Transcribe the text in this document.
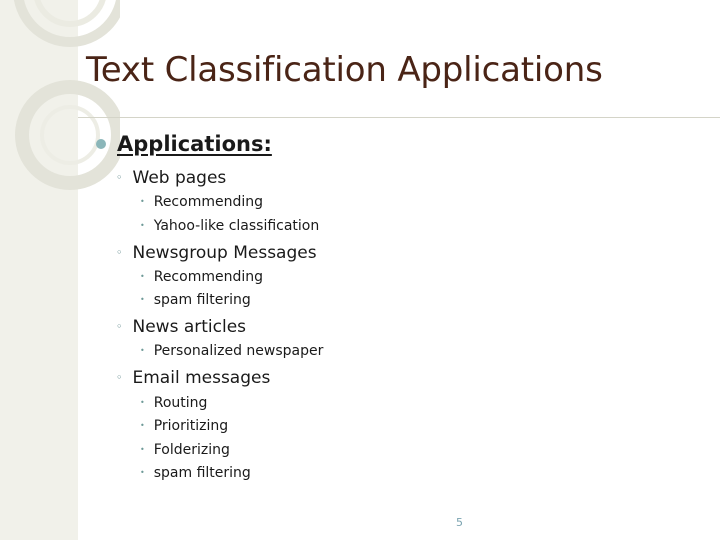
Text Classification Applications
Applications:
◦ Web pages
• Recommending
• Yahoo-like classification
◦ Newsgroup Messages
• Recommending
• spam filtering
◦ News articles
• Personalized newspaper
◦ Email messages
• Routing
• Prioritizing
• Folderizing
• spam filtering
5
